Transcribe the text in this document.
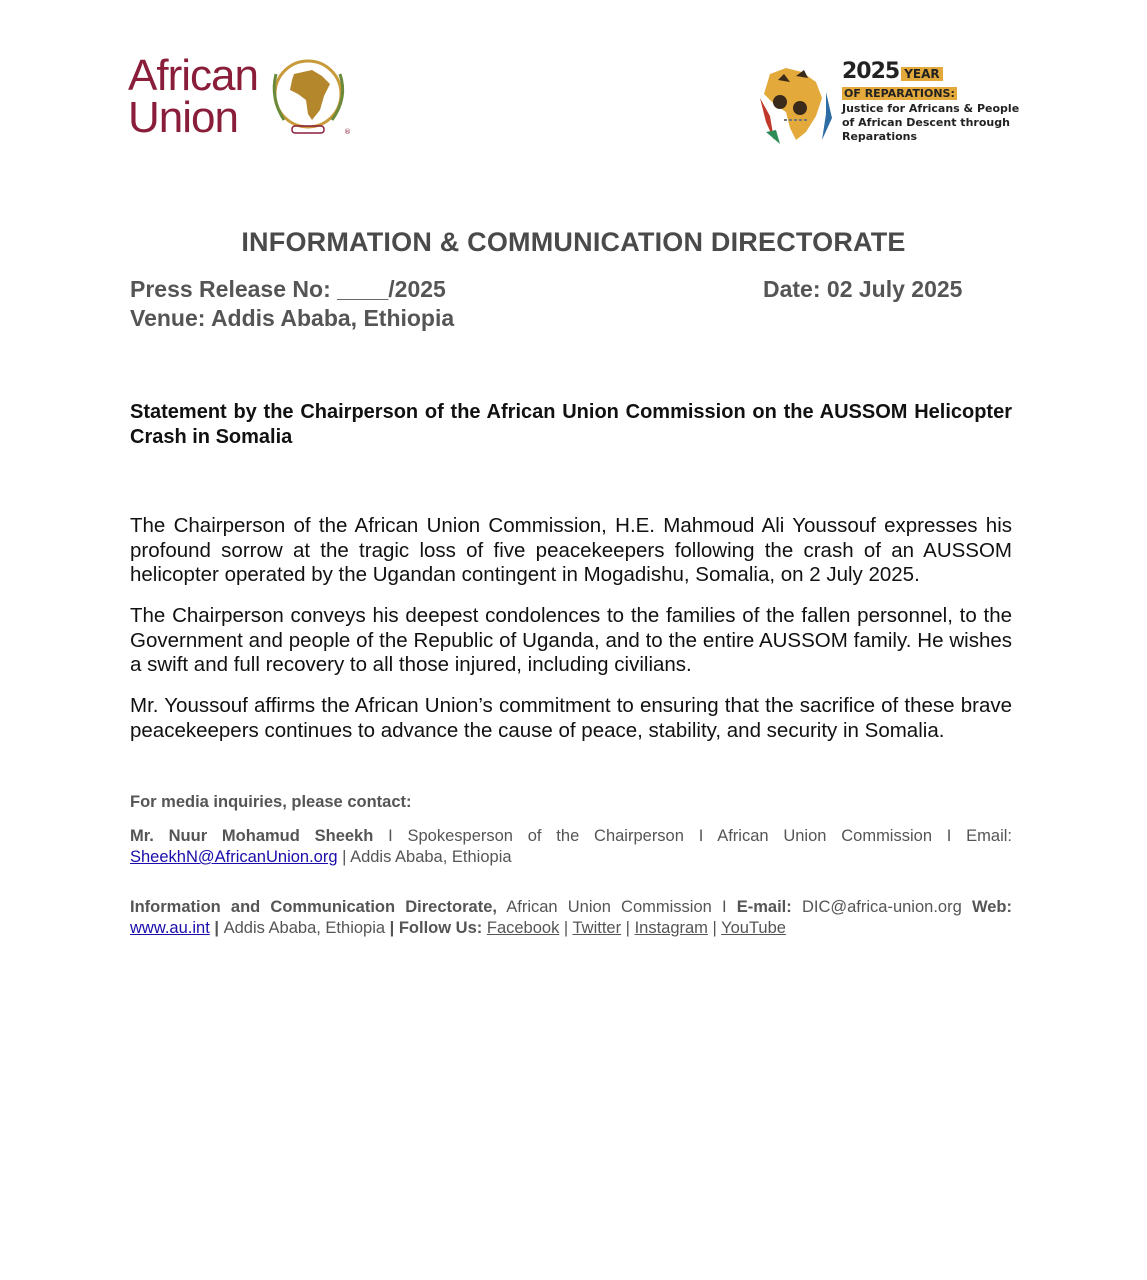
African
Union	®
2025 YEAR
OF REPARATIONS:
Justice for Africans & People of African Descent through Reparations
INFORMATION & COMMUNICATION DIRECTORATE
Press Release No: ____/2025
Venue: Addis Ababa, Ethiopia
Date: 02 July 2025
Statement by the Chairperson of the African Union Commission on the AUSSOM Helicopter Crash in Somalia
The Chairperson of the African Union Commission, H.E. Mahmoud Ali Youssouf expresses his profound sorrow at the tragic loss of five peacekeepers following the crash of an AUSSOM helicopter operated by the Ugandan contingent in Mogadishu, Somalia, on 2 July 2025.
The Chairperson conveys his deepest condolences to the families of the fallen personnel, to the Government and people of the Republic of Uganda, and to the entire AUSSOM family. He wishes a swift and full recovery to all those injured, including civilians.
Mr. Youssouf affirms the African Union’s commitment to ensuring that the sacrifice of these brave peacekeepers continues to advance the cause of peace, stability, and security in Somalia.
For media inquiries, please contact:
Mr. Nuur Mohamud Sheekh I Spokesperson of the Chairperson I African Union Commission I Email: SheekhN@AfricanUnion.org | Addis Ababa, Ethiopia
Information and Communication Directorate, African Union Commission I E-mail: DIC@africa-union.org Web: www.au.int | Addis Ababa, Ethiopia | Follow Us: Facebook | Twitter | Instagram | YouTube
